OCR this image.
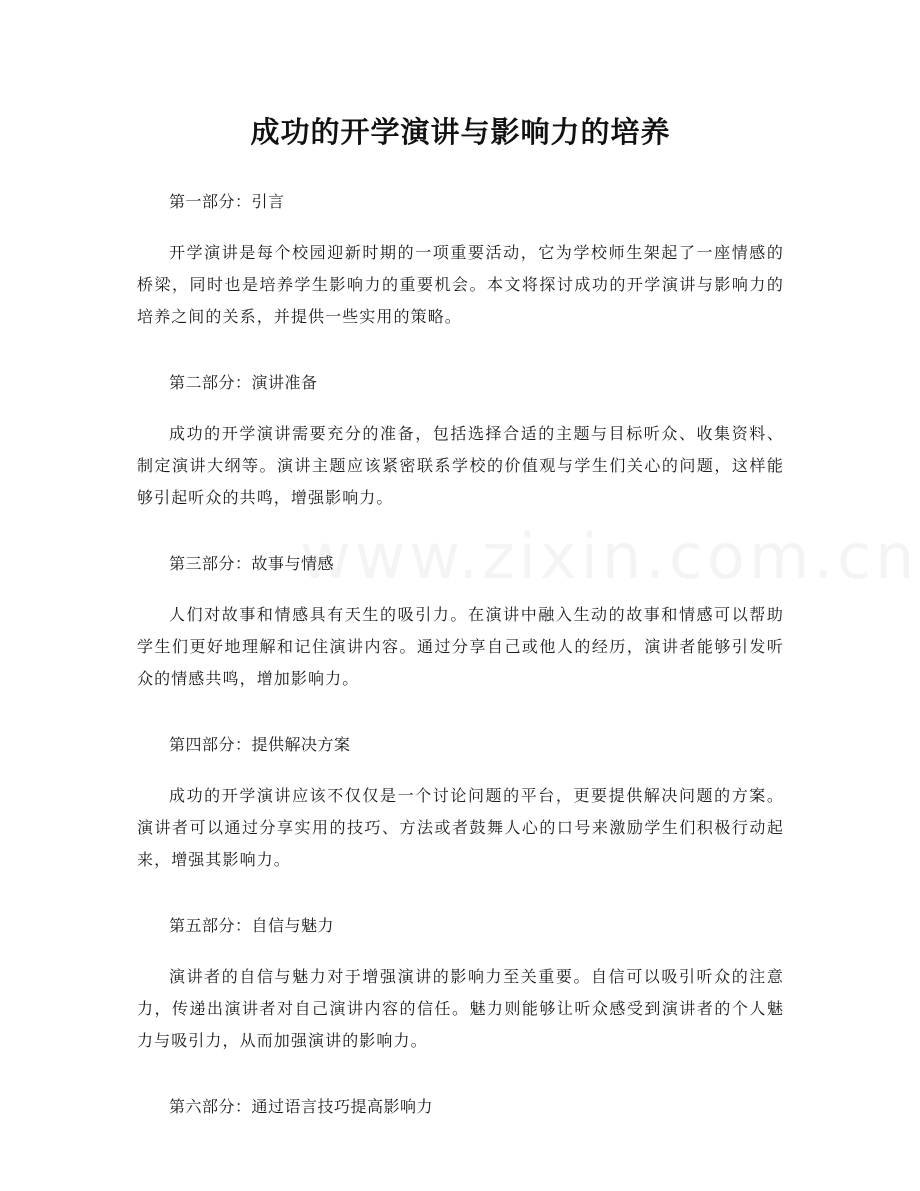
成功的开学演讲与影响力的培养

第一部分：引言

开学演讲是每个校园迎新时期的一项重要活动，它为学校师生架起了一座情感的桥梁，同时也是培养学生影响力的重要机会。本文将探讨成功的开学演讲与影响力的培养之间的关系，并提供一些实用的策略。

第二部分：演讲准备

成功的开学演讲需要充分的准备，包括选择合适的主题与目标听众、收集资料、制定演讲大纲等。演讲主题应该紧密联系学校的价值观与学生们关心的问题，这样能够引起听众的共鸣，增强影响力。

第三部分：故事与情感

人们对故事和情感具有天生的吸引力。在演讲中融入生动的故事和情感可以帮助学生们更好地理解和记住演讲内容。通过分享自己或他人的经历，演讲者能够引发听众的情感共鸣，增加影响力。

第四部分：提供解决方案

成功的开学演讲应该不仅仅是一个讨论问题的平台，更要提供解决问题的方案。演讲者可以通过分享实用的技巧、方法或者鼓舞人心的口号来激励学生们积极行动起来，增强其影响力。

第五部分：自信与魅力

演讲者的自信与魅力对于增强演讲的影响力至关重要。自信可以吸引听众的注意力，传递出演讲者对自己演讲内容的信任。魅力则能够让听众感受到演讲者的个人魅力与吸引力，从而加强演讲的影响力。

第六部分：通过语言技巧提高影响力
